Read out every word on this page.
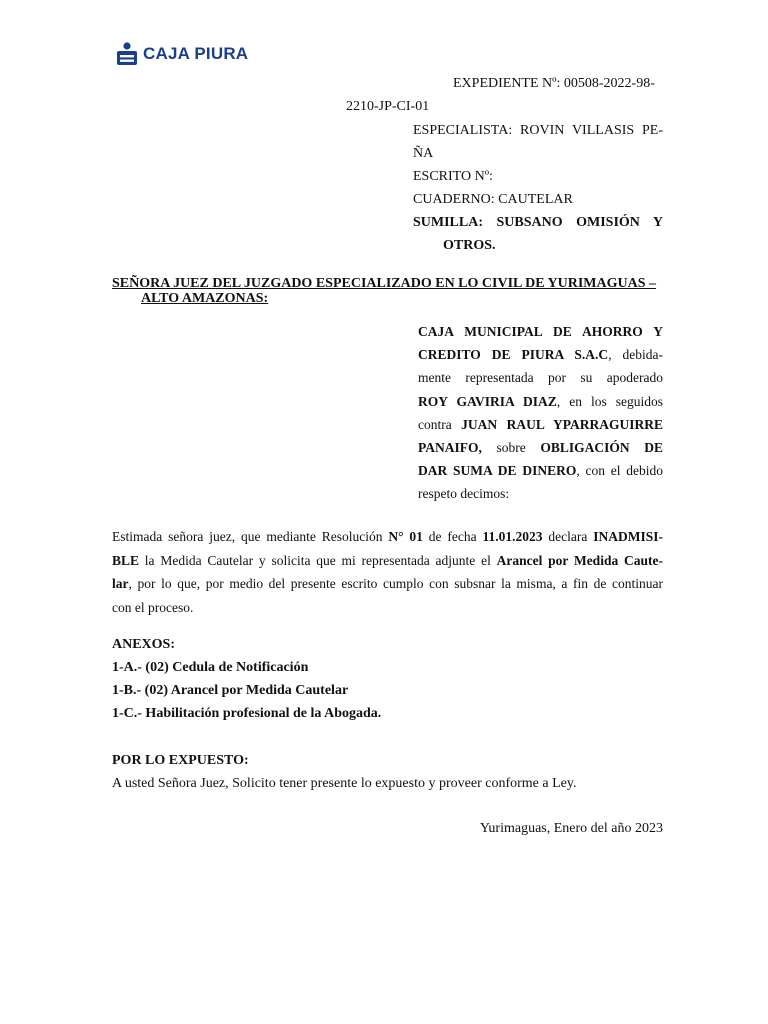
CAJA PIURA
EXPEDIENTE Nº: 00508-2022-98-
2210-JP-CI-01
ESPECIALISTA: ROVIN VILLASIS PE-
ÑA
ESCRITO Nº:
CUADERNO: CAUTELAR
SUMILLA: SUBSANO OMISIÓN Y
OTROS.
SEÑORA JUEZ DEL JUZGADO ESPECIALIZADO EN LO CIVIL DE YURIMAGUAS –
ALTO AMAZONAS:
CAJA MUNICIPAL DE AHORRO Y
CREDITO DE PIURA S.A.C, debida-
mente representada por su apoderado
ROY GAVIRIA DIAZ, en los seguidos
contra JUAN RAUL YPARRAGUIRRE
PANAIFO, sobre OBLIGACIÓN DE
DAR SUMA DE DINERO, con el debido
respeto decimos:
Estimada señora juez, que mediante Resolución N° 01 de fecha 11.01.2023 declara INADMISI-
BLE la Medida Cautelar y solicita que mi representada adjunte el Arancel por Medida Caute-
lar, por lo que, por medio del presente escrito cumplo con subsnar la misma, a fin de continuar
con el proceso.
ANEXOS:
1-A.- (02) Cedula de Notificación
1-B.- (02) Arancel por Medida Cautelar
1-C.- Habilitación profesional de la Abogada.
POR LO EXPUESTO:
A usted Señora Juez, Solicito tener presente lo expuesto y proveer conforme a Ley.
Yurimaguas, Enero del año 2023
